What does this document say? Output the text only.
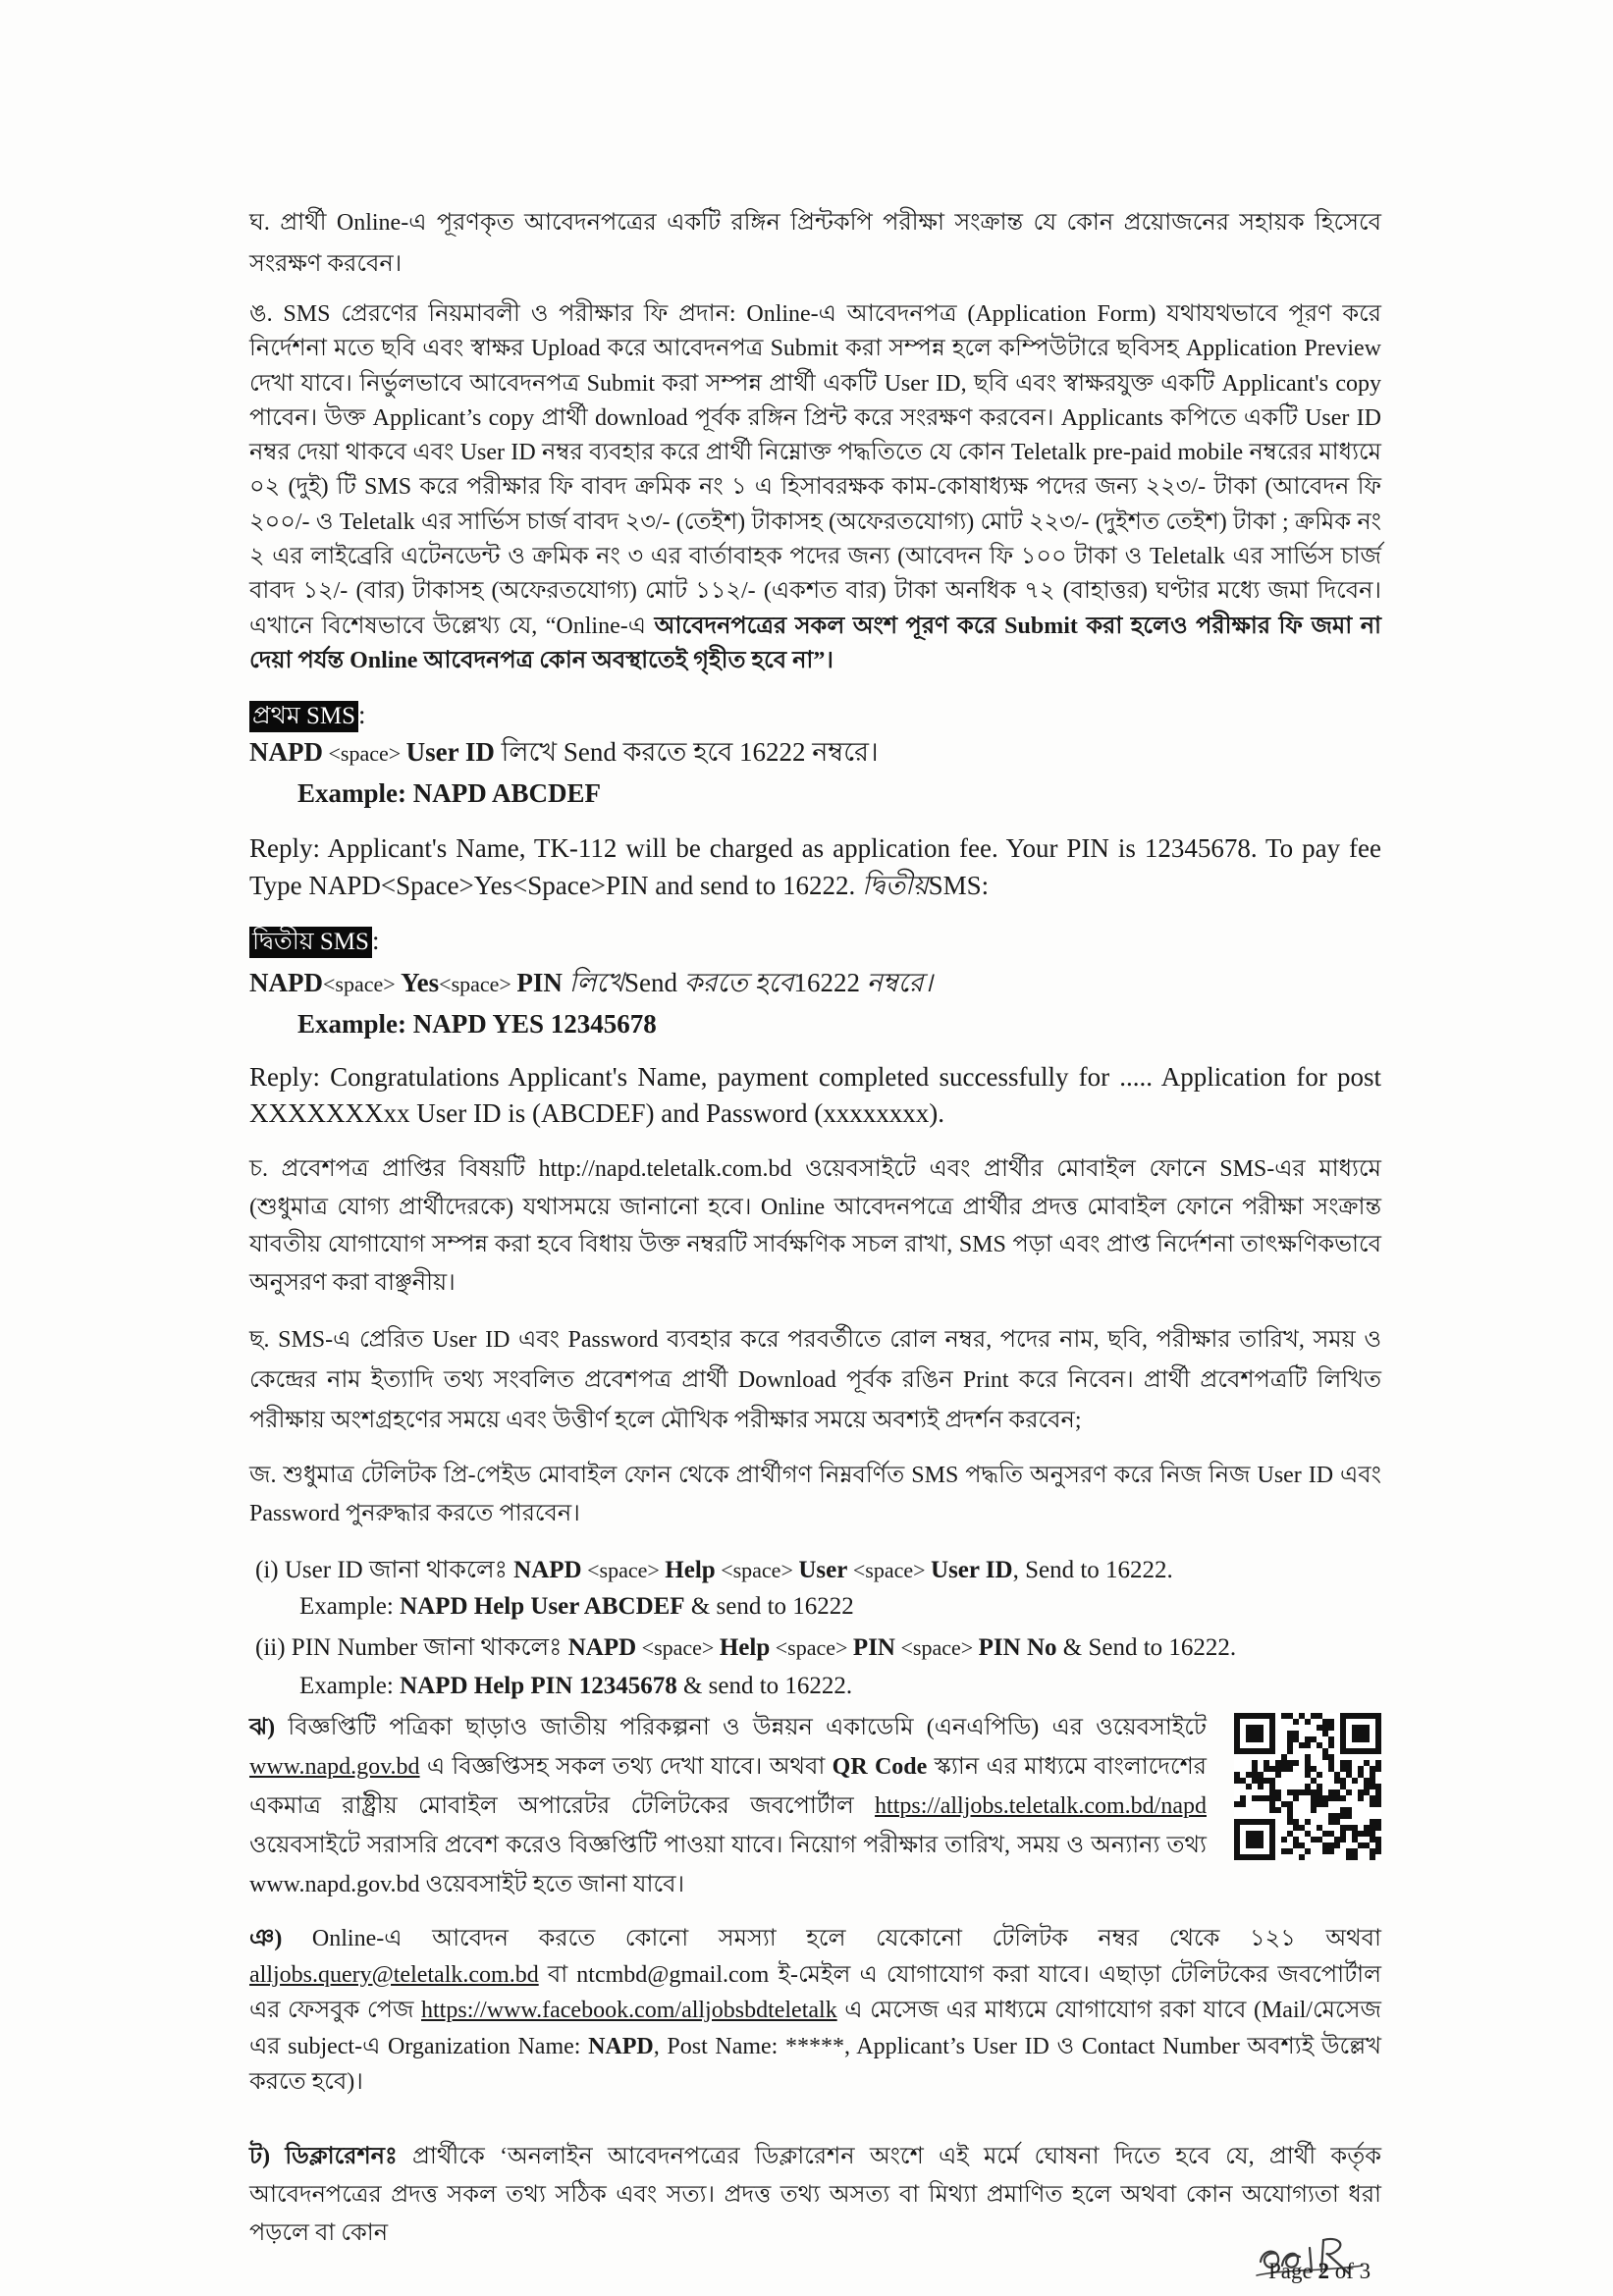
ঘ. প্রার্থী Online-এ পূরণকৃত আবেদনপত্রের একটি রঙ্গিন প্রিন্টকপি পরীক্ষা সংক্রান্ত যে কোন প্রয়োজনের সহায়ক হিসেবে সংরক্ষণ করবেন।

ঙ. SMS প্রেরণের নিয়মাবলী ও পরীক্ষার ফি প্রদান: Online-এ আবেদনপত্র (Application Form) যথাযথভাবে পূরণ করে নির্দেশনা মতে ছবি এবং স্বাক্ষর Upload করে আবেদনপত্র Submit করা সম্পন্ন হলে কম্পিউটারে ছবিসহ Application Preview দেখা যাবে। নির্ভুলভাবে আবেদনপত্র Submit করা সম্পন্ন প্রার্থী একটি User ID, ছবি এবং স্বাক্ষরযুক্ত একটি Applicant's copy পাবেন। উক্ত Applicant’s copy প্রার্থী download পূর্বক রঙ্গিন প্রিন্ট করে সংরক্ষণ করবেন। Applicants কপিতে একটি User ID নম্বর দেয়া থাকবে এবং User ID নম্বর ব্যবহার করে প্রার্থী নিম্নোক্ত পদ্ধতিতে যে কোন Teletalk pre-paid mobile নম্বরের মাধ্যমে ০২ (দুই) টি SMS করে পরীক্ষার ফি বাবদ ক্রমিক নং ১ এ হিসাবরক্ষক কাম-কোষাধ্যক্ষ পদের জন্য ২২৩/- টাকা (আবেদন ফি ২০০/- ও Teletalk এর সার্ভিস চার্জ বাবদ ২৩/- (তেইশ) টাকাসহ (অফেরতযোগ্য) মোট ২২৩/- (দুইশত তেইশ) টাকা ; ক্রমিক নং ২ এর লাইব্রেরি এটেনডেন্ট ও ক্রমিক নং ৩ এর বার্তাবাহক পদের জন্য (আবেদন ফি ১০০ টাকা ও Teletalk এর সার্ভিস চার্জ বাবদ ১২/- (বার) টাকাসহ (অফেরতযোগ্য) মোট ১১২/- (একশত বার) টাকা অনধিক ৭২ (বাহাত্তর) ঘণ্টার মধ্যে জমা দিবেন। এখানে বিশেষভাবে উল্লেখ্য যে, “Online-এ আবেদনপত্রের সকল অংশ পূরণ করে Submit করা হলেও পরীক্ষার ফি জমা না দেয়া পর্যন্ত Online আবেদনপত্র কোন অবস্থাতেই গৃহীত হবে না”।

প্রথম SMS :
NAPD <space> User ID লিখে Send করতে হবে 16222 নম্বরে।
Example: NAPD ABCDEF

Reply: Applicant's Name, TK-112 will be charged as application fee. Your PIN is 12345678. To pay fee Type NAPD<Space>Yes<Space>PIN and send to 16222. দ্বিতীয়SMS:

দ্বিতীয় SMS :
NAPD<space> Yes<space> PIN লিখেSend করতে হবে16222 নম্বরে।
Example: NAPD YES 12345678

Reply: Congratulations Applicant's Name, payment completed successfully for ..... Application for post XXXXXXXxx User ID is (ABCDEF) and Password (xxxxxxxx).

চ. প্রবেশপত্র প্রাপ্তির বিষয়টি http://napd.teletalk.com.bd ওয়েবসাইটে এবং প্রার্থীর মোবাইল ফোনে SMS-এর মাধ্যমে (শুধুমাত্র যোগ্য প্রার্থীদেরকে) যথাসময়ে জানানো হবে। Online আবেদনপত্রে প্রার্থীর প্রদত্ত মোবাইল ফোনে পরীক্ষা সংক্রান্ত যাবতীয় যোগাযোগ সম্পন্ন করা হবে বিধায় উক্ত নম্বরটি সার্বক্ষণিক সচল রাখা, SMS পড়া এবং প্রাপ্ত নির্দেশনা তাৎক্ষণিকভাবে অনুসরণ করা বাঞ্ছনীয়।

ছ. SMS-এ প্রেরিত User ID এবং Password ব্যবহার করে পরবর্তীতে রোল নম্বর, পদের নাম, ছবি, পরীক্ষার তারিখ, সময় ও কেন্দ্রের নাম ইত্যাদি তথ্য সংবলিত প্রবেশপত্র প্রার্থী Download পূর্বক রঙিন Print করে নিবেন। প্রার্থী প্রবেশপত্রটি লিখিত পরীক্ষায় অংশগ্রহণের সময়ে এবং উত্তীর্ণ হলে মৌখিক পরীক্ষার সময়ে অবশ্যই প্রদর্শন করবেন;

জ. শুধুমাত্র টেলিটক প্রি-পেইড মোবাইল ফোন থেকে প্রার্থীগণ নিম্নবর্ণিত SMS পদ্ধতি অনুসরণ করে নিজ নিজ User ID এবং Password পুনরুদ্ধার করতে পারবেন।

(i) User ID জানা থাকলেঃ NAPD <space> Help <space> User <space> User ID, Send to 16222.
Example: NAPD Help User ABCDEF & send to 16222
(ii) PIN Number জানা থাকলেঃ NAPD <space> Help <space> PIN <space> PIN No & Send to 16222.
Example: NAPD Help PIN 12345678 & send to 16222.
ঝ) বিজ্ঞপ্তিটি পত্রিকা ছাড়াও জাতীয় পরিকল্পনা ও উন্নয়ন একাডেমি (এনএপিডি) এর ওয়েবসাইটে www.napd.gov.bd এ বিজ্ঞপ্তিসহ সকল তথ্য দেখা যাবে। অথবা QR Code স্ক্যান এর মাধ্যমে বাংলাদেশের একমাত্র রাষ্ট্রীয় মোবাইল অপারেটর টেলিটকের জবপোর্টাল https://alljobs.teletalk.com.bd/napd ওয়েবসাইটে সরাসরি প্রবেশ করেও বিজ্ঞপ্তিটি পাওয়া যাবে। নিয়োগ পরীক্ষার তারিখ, সময় ও অন্যান্য তথ্য www.napd.gov.bd ওয়েবসাইট হতে জানা যাবে।

ঞ) Online-এ আবেদন করতে কোনো সমস্যা হলে যেকোনো টেলিটক নম্বর থেকে ১২১ অথবা alljobs.query@teletalk.com.bd বা ntcmbd@gmail.com ই-মেইল এ যোগাযোগ করা যাবে। এছাড়া টেলিটকের জবপোর্টাল এর ফেসবুক পেজ https://www.facebook.com/alljobsbdteletalk এ মেসেজ এর মাধ্যমে যোগাযোগ রকা যাবে (Mail/মেসেজ এর subject-এ Organization Name: NAPD, Post Name: *****, Applicant’s User ID ও Contact Number অবশ্যই উল্লেখ করতে হবে)।

ট) ডিক্লারেশনঃ প্রার্থীকে ‘অনলাইন আবেদনপত্রের ডিক্লারেশন অংশে এই মর্মে ঘোষনা দিতে হবে যে, প্রার্থী কর্তৃক আবেদনপত্রের প্রদত্ত সকল তথ্য সঠিক এবং সত্য। প্রদত্ত তথ্য অসত্য বা মিথ্যা প্রমাণিত হলে অথবা কোন অযোগ্যতা ধরা পড়লে বা কোন

Page 2 of 3
